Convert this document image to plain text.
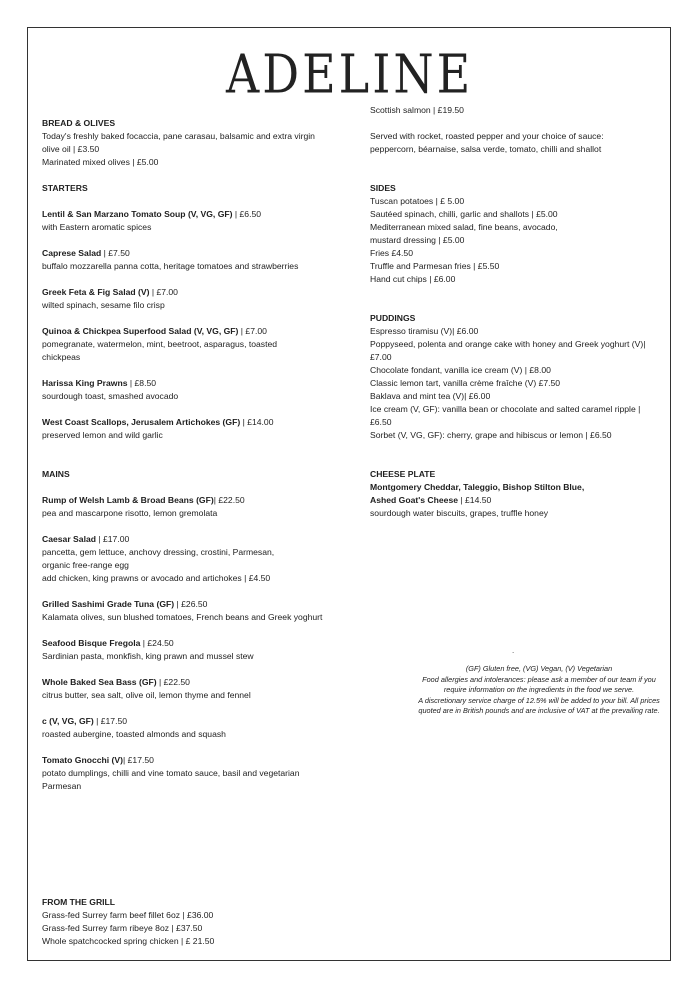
ADELINE
BREAD & OLIVES
Today's freshly baked focaccia, pane carasau, balsamic and extra virgin
olive oil | £3.50
Marinated mixed olives | £5.00
STARTERS
Lentil & San Marzano Tomato Soup (V, VG, GF) | £6.50
with Eastern aromatic spices
Caprese Salad | £7.50
buffalo mozzarella panna cotta, heritage tomatoes and strawberries
Greek Feta & Fig Salad (V) | £7.00
wilted spinach, sesame filo crisp
Quinoa & Chickpea Superfood Salad (V, VG, GF) | £7.00
pomegranate, watermelon, mint, beetroot, asparagus, toasted
chickpeas
Harissa King Prawns | £8.50
sourdough toast, smashed avocado
West Coast Scallops, Jerusalem Artichokes (GF) | £14.00
preserved lemon and wild garlic
MAINS
Rump of Welsh Lamb & Broad Beans (GF)| £22.50
pea and mascarpone risotto, lemon gremolata
Caesar Salad | £17.00
pancetta, gem lettuce, anchovy dressing, crostini, Parmesan,
organic free-range egg
add chicken, king prawns or avocado and artichokes | £4.50
Grilled Sashimi Grade Tuna (GF) | £26.50
Kalamata olives, sun blushed tomatoes, French beans and Greek yoghurt
Seafood Bisque Fregola | £24.50
Sardinian pasta, monkfish, king prawn and mussel stew
Whole Baked Sea Bass (GF) | £22.50
citrus butter, sea salt, olive oil, lemon thyme and fennel
c (V, VG, GF) | £17.50
roasted aubergine, toasted almonds and squash
Tomato Gnocchi (V)| £17.50
potato dumplings, chilli and vine tomato sauce, basil and vegetarian
Parmesan
FROM THE GRILL
Grass-fed Surrey farm beef fillet 6oz | £36.00
Grass-fed Surrey farm ribeye 8oz | £37.50
Whole spatchcocked spring chicken | £ 21.50
Scottish salmon | £19.50
Served with rocket, roasted pepper and your choice of sauce:
peppercorn, béarnaise, salsa verde, tomato, chilli and shallot
SIDES
Tuscan potatoes | £ 5.00
Sautéed spinach, chilli, garlic and shallots | £5.00
Mediterranean mixed salad, fine beans, avocado,
mustard dressing | £5.00
Fries £4.50
Truffle and Parmesan fries | £5.50
Hand cut chips | £6.00
PUDDINGS
Espresso tiramisu (V)| £6.00
Poppyseed, polenta and orange cake with honey and Greek yoghurt (V)|
£7.00
Chocolate fondant, vanilla ice cream (V) | £8.00
Classic lemon tart, vanilla crème fraîche (V) £7.50
Baklava and mint tea (V)| £6.00
Ice cream (V, GF): vanilla bean or chocolate and salted caramel ripple |
£6.50
Sorbet (V, VG, GF): cherry, grape and hibiscus or lemon | £6.50
CHEESE PLATE
Montgomery Cheddar, Taleggio, Bishop Stilton Blue,
Ashed Goat's Cheese | £14.50
sourdough water biscuits, grapes, truffle honey
.
(GF) Gluten free, (VG) Vegan, (V) Vegetarian
Food allergies and intolerances: please ask a member of our team if you
require information on the ingredients in the food we serve.
A discretionary service charge of 12.5% will be added to your bill. All prices
quoted are in British pounds and are inclusive of VAT at the prevailing rate.
